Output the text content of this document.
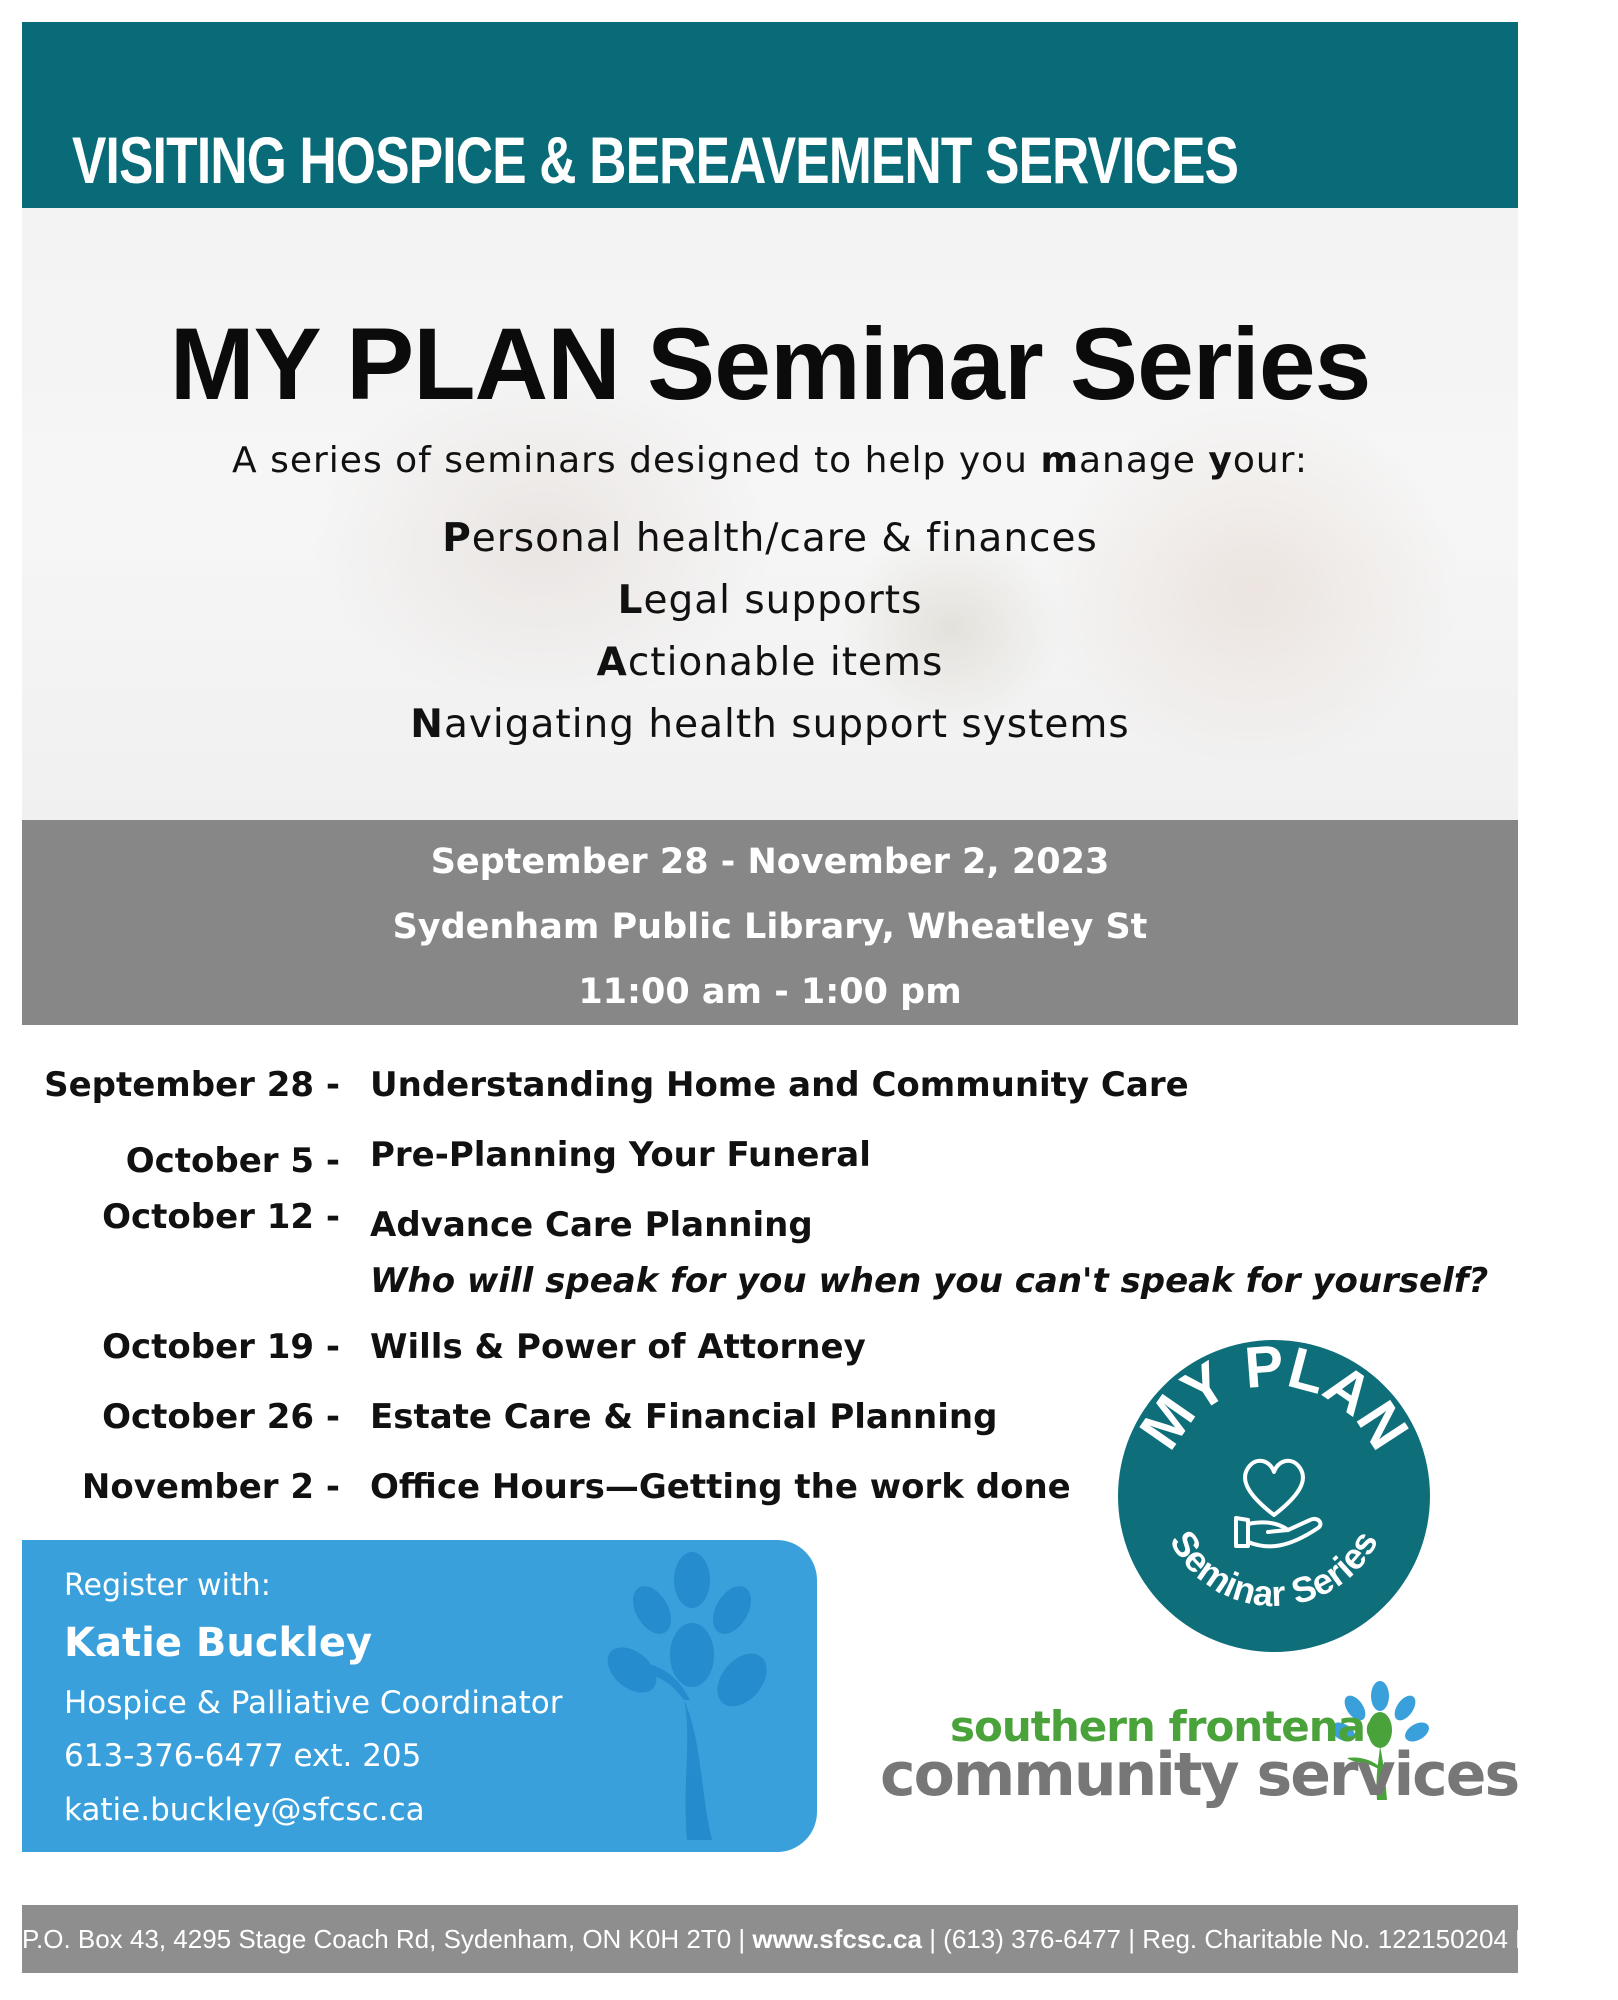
VISITING HOSPICE & BEREAVEMENT SERVICES
MY PLAN Seminar Series
A series of seminars designed to help you manage your:
Personal health/care & finances
Legal supports
Actionable items
Navigating health support systems
September 28 - November 2, 2023
Sydenham Public Library, Wheatley St
11:00 am - 1:00 pm
September 28 - Understanding Home and Community Care
October 5 - Pre-Planning Your Funeral
October 12 - Advance Care Planning
Who will speak for you when you can't speak for yourself?
October 19 - Wills & Power of Attorney
October 26 - Estate Care & Financial Planning
November 2 - Office Hours—Getting the work done
MY PLAN
Seminar Series
Register with:
Katie Buckley
Hospice & Palliative Coordinator
613-376-6477 ext. 205
katie.buckley@sfcsc.ca
southern frontenac
community services
P.O. Box 43, 4295 Stage Coach Rd, Sydenham, ON K0H 2T0 | www.sfcsc.ca | (613) 376-6477 | Reg. Charitable No. 122150204 RR 0001
